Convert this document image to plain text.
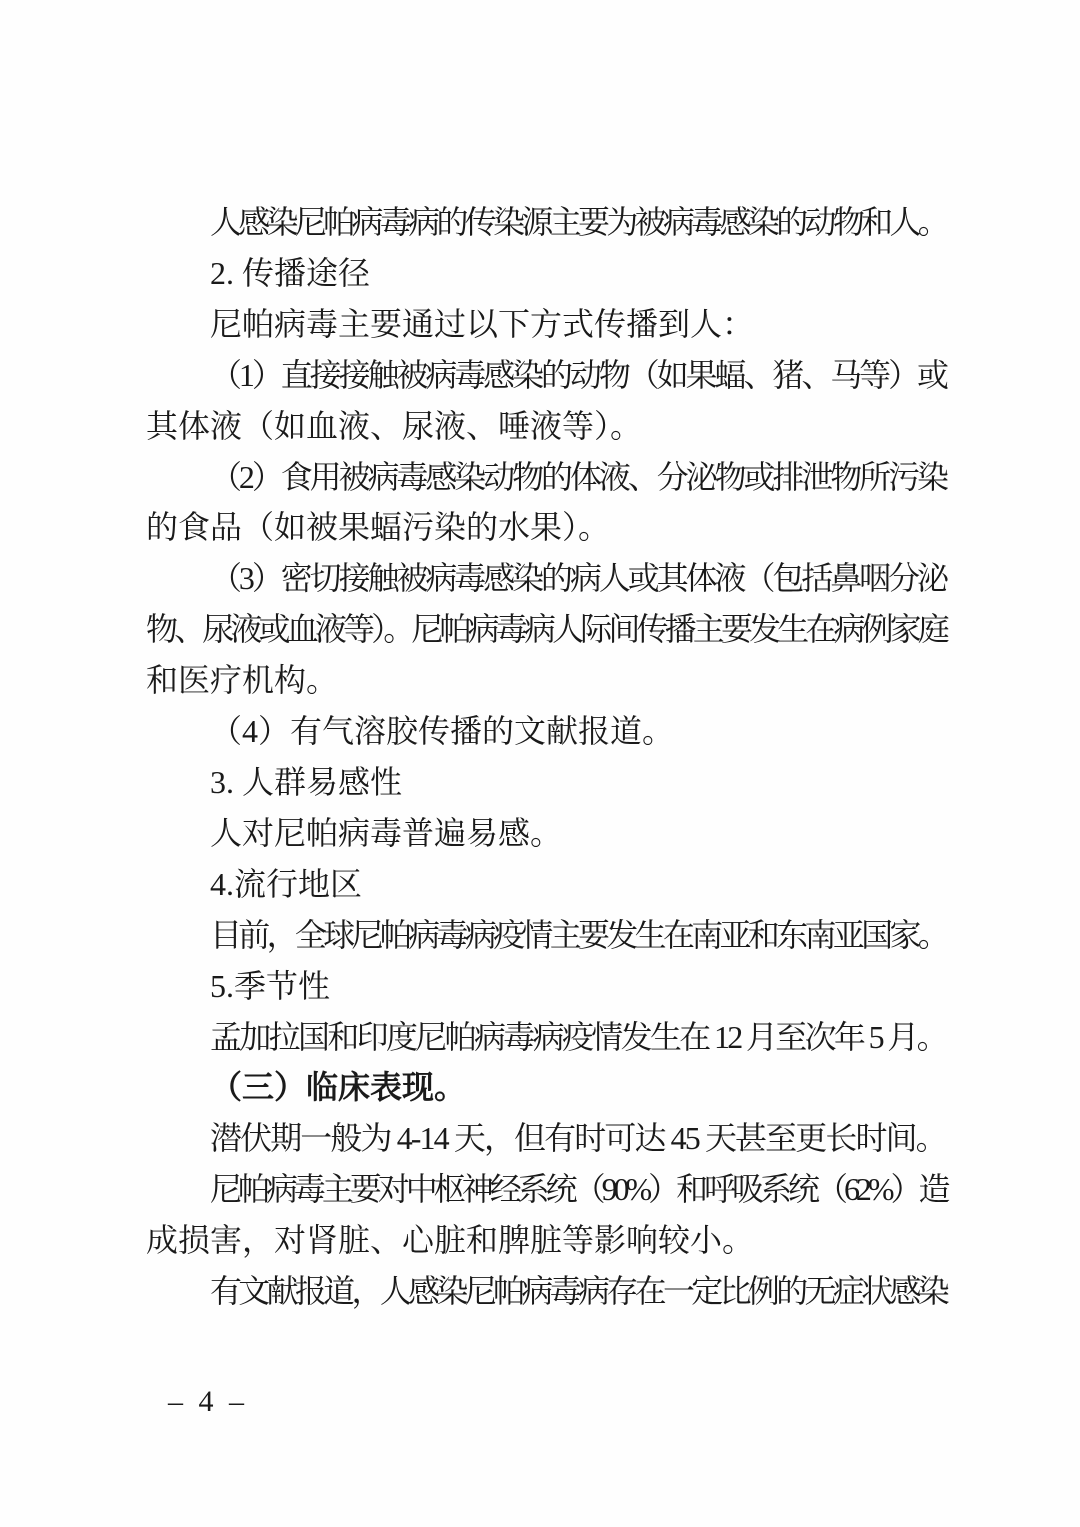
人感染尼帕病毒病的传染源主要为被病毒感染的动物和人。

2. 传播途径

尼帕病毒主要通过以下方式传播到人：

（1）直接接触被病毒感染的动物（如果蝠、猪、马等）或
其体液（如血液、尿液、唾液等）。

（2）食用被病毒感染动物的体液、分泌物或排泄物所污染
的食品（如被果蝠污染的水果）。

（3）密切接触被病毒感染的病人或其体液（包括鼻咽分泌
物、尿液或血液等）。尼帕病毒病人际间传播主要发生在病例家庭
和医疗机构。

（4）有气溶胶传播的文献报道。

3. 人群易感性

人对尼帕病毒普遍易感。

4.流行地区

目前，全球尼帕病毒病疫情主要发生在南亚和东南亚国家。

5.季节性

孟加拉国和印度尼帕病毒病疫情发生在 12 月至次年 5 月。

（三）临床表现。

潜伏期一般为 4-14 天，但有时可达 45 天甚至更长时间。

尼帕病毒主要对中枢神经系统（90%）和呼吸系统（62%）造
成损害，对肾脏、心脏和脾脏等影响较小。

有文献报道，人感染尼帕病毒病存在一定比例的无症状感染

– 4 –
